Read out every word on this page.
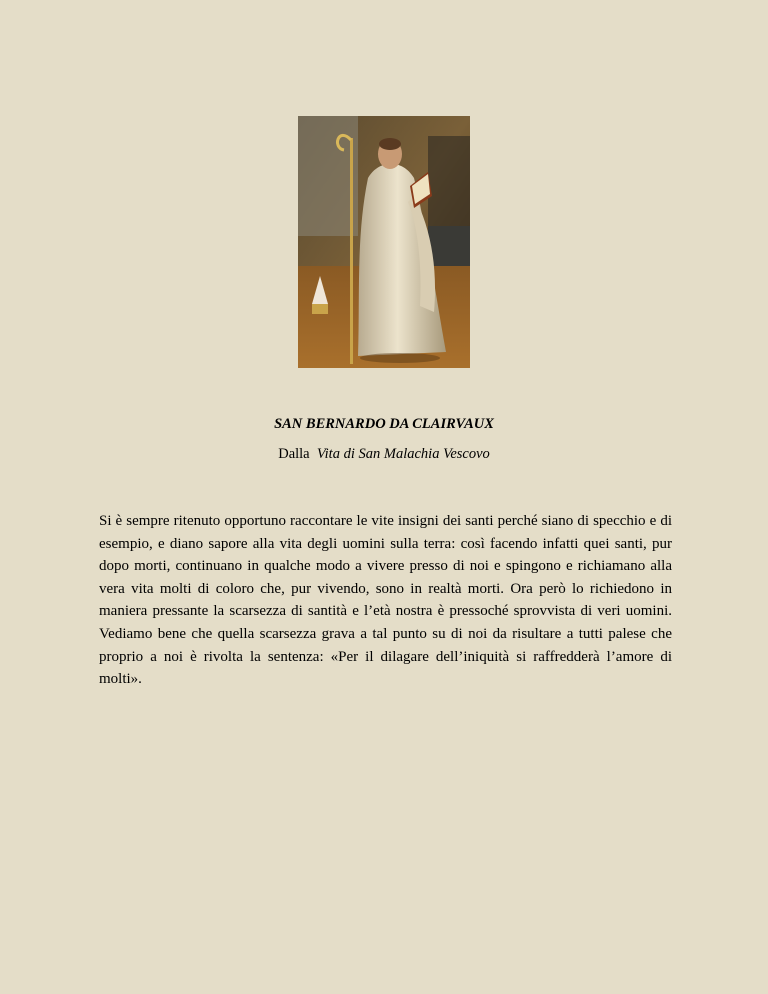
SAN BERNARDO DA CLAIRVAUX
Dalla Vita di San Malachia Vescovo

Si è sempre ritenuto opportuno raccontare le vite insigni dei santi perché siano di specchio e di esempio, e diano sapore alla vita degli uomini sulla terra: così facendo infatti quei santi, pur dopo morti, continuano in qualche modo a vivere presso di noi e spingono e richiamano alla vera vita molti di coloro che, pur vivendo, sono in realtà morti. Ora però lo richiedono in maniera pressante la scarsezza di santità e l’età nostra è pressoché sprovvista di veri uomini. Vediamo bene che quella scarsezza grava a tal punto su di noi da risultare a tutti palese che proprio a noi è rivolta la sentenza: «Per il dilagare dell’iniquità si raffredderà l’amore di molti».
